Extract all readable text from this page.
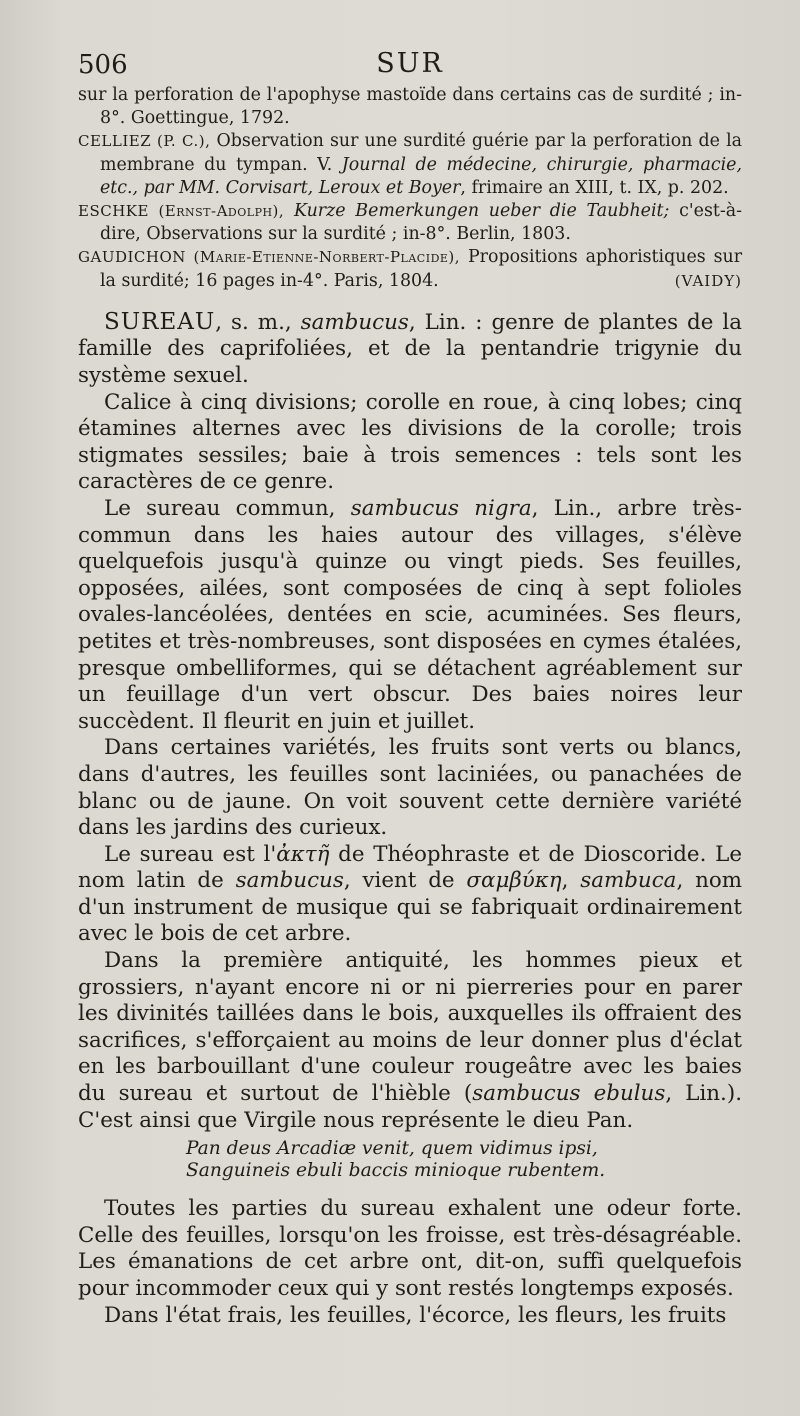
506	SUR

sur la perforation de l'apophyse mastoïde dans certains cas de surdité ; in-8°. Goettingue, 1792.

CELLIEZ (P. C.), Observation sur une surdité guérie par la perforation de la membrane du tympan. V. Journal de médecine, chirurgie, pharmacie, etc., par MM. Corvisart, Leroux et Boyer, frimaire an XIII, t. IX, p. 202.

ESCHKE (Ernst-Adolph), Kurze Bemerkungen ueber die Taubheit; c'est-à-dire, Observations sur la surdité ; in-8°. Berlin, 1803.

GAUDICHON (Marie-Etienne-Norbert-Placide), Propositions aphoristiques sur la surdité; 16 pages in-4°. Paris, 1804.	(VAIDY)

SUREAU, s. m., sambucus, Lin. : genre de plantes de la famille des caprifoliées, et de la pentandrie trigynie du système sexuel.

Calice à cinq divisions; corolle en roue, à cinq lobes; cinq étamines alternes avec les divisions de la corolle; trois stigmates sessiles; baie à trois semences : tels sont les caractères de ce genre.

Le sureau commun, sambucus nigra, Lin., arbre très-commun dans les haies autour des villages, s'élève quelquefois jusqu'à quinze ou vingt pieds. Ses feuilles, opposées, ailées, sont composées de cinq à sept folioles ovales-lancéolées, dentées en scie, acuminées. Ses fleurs, petites et très-nombreuses, sont disposées en cymes étalées, presque ombelliformes, qui se détachent agréablement sur un feuillage d'un vert obscur. Des baies noires leur succèdent. Il fleurit en juin et juillet.

Dans certaines variétés, les fruits sont verts ou blancs, dans d'autres, les feuilles sont laciniées, ou panachées de blanc ou de jaune. On voit souvent cette dernière variété dans les jardins des curieux.

Le sureau est l'ἀκτῆ de Théophraste et de Dioscoride. Le nom latin de sambucus, vient de σαμβύκη, sambuca, nom d'un instrument de musique qui se fabriquait ordinairement avec le bois de cet arbre.

Dans la première antiquité, les hommes pieux et grossiers, n'ayant encore ni or ni pierreries pour en parer les divinités taillées dans le bois, auxquelles ils offraient des sacrifices, s'efforçaient au moins de leur donner plus d'éclat en les barbouillant d'une couleur rougeâtre avec les baies du sureau et surtout de l'hièble (sambucus ebulus, Lin.). C'est ainsi que Virgile nous représente le dieu Pan.

Pan deus Arcadiæ venit, quem vidimus ipsi,
Sanguineis ebuli baccis minioque rubentem.

Toutes les parties du sureau exhalent une odeur forte. Celle des feuilles, lorsqu'on les froisse, est très-désagréable. Les émanations de cet arbre ont, dit-on, suffi quelquefois pour incommoder ceux qui y sont restés longtemps exposés.

Dans l'état frais, les feuilles, l'écorce, les fleurs, les fruits
